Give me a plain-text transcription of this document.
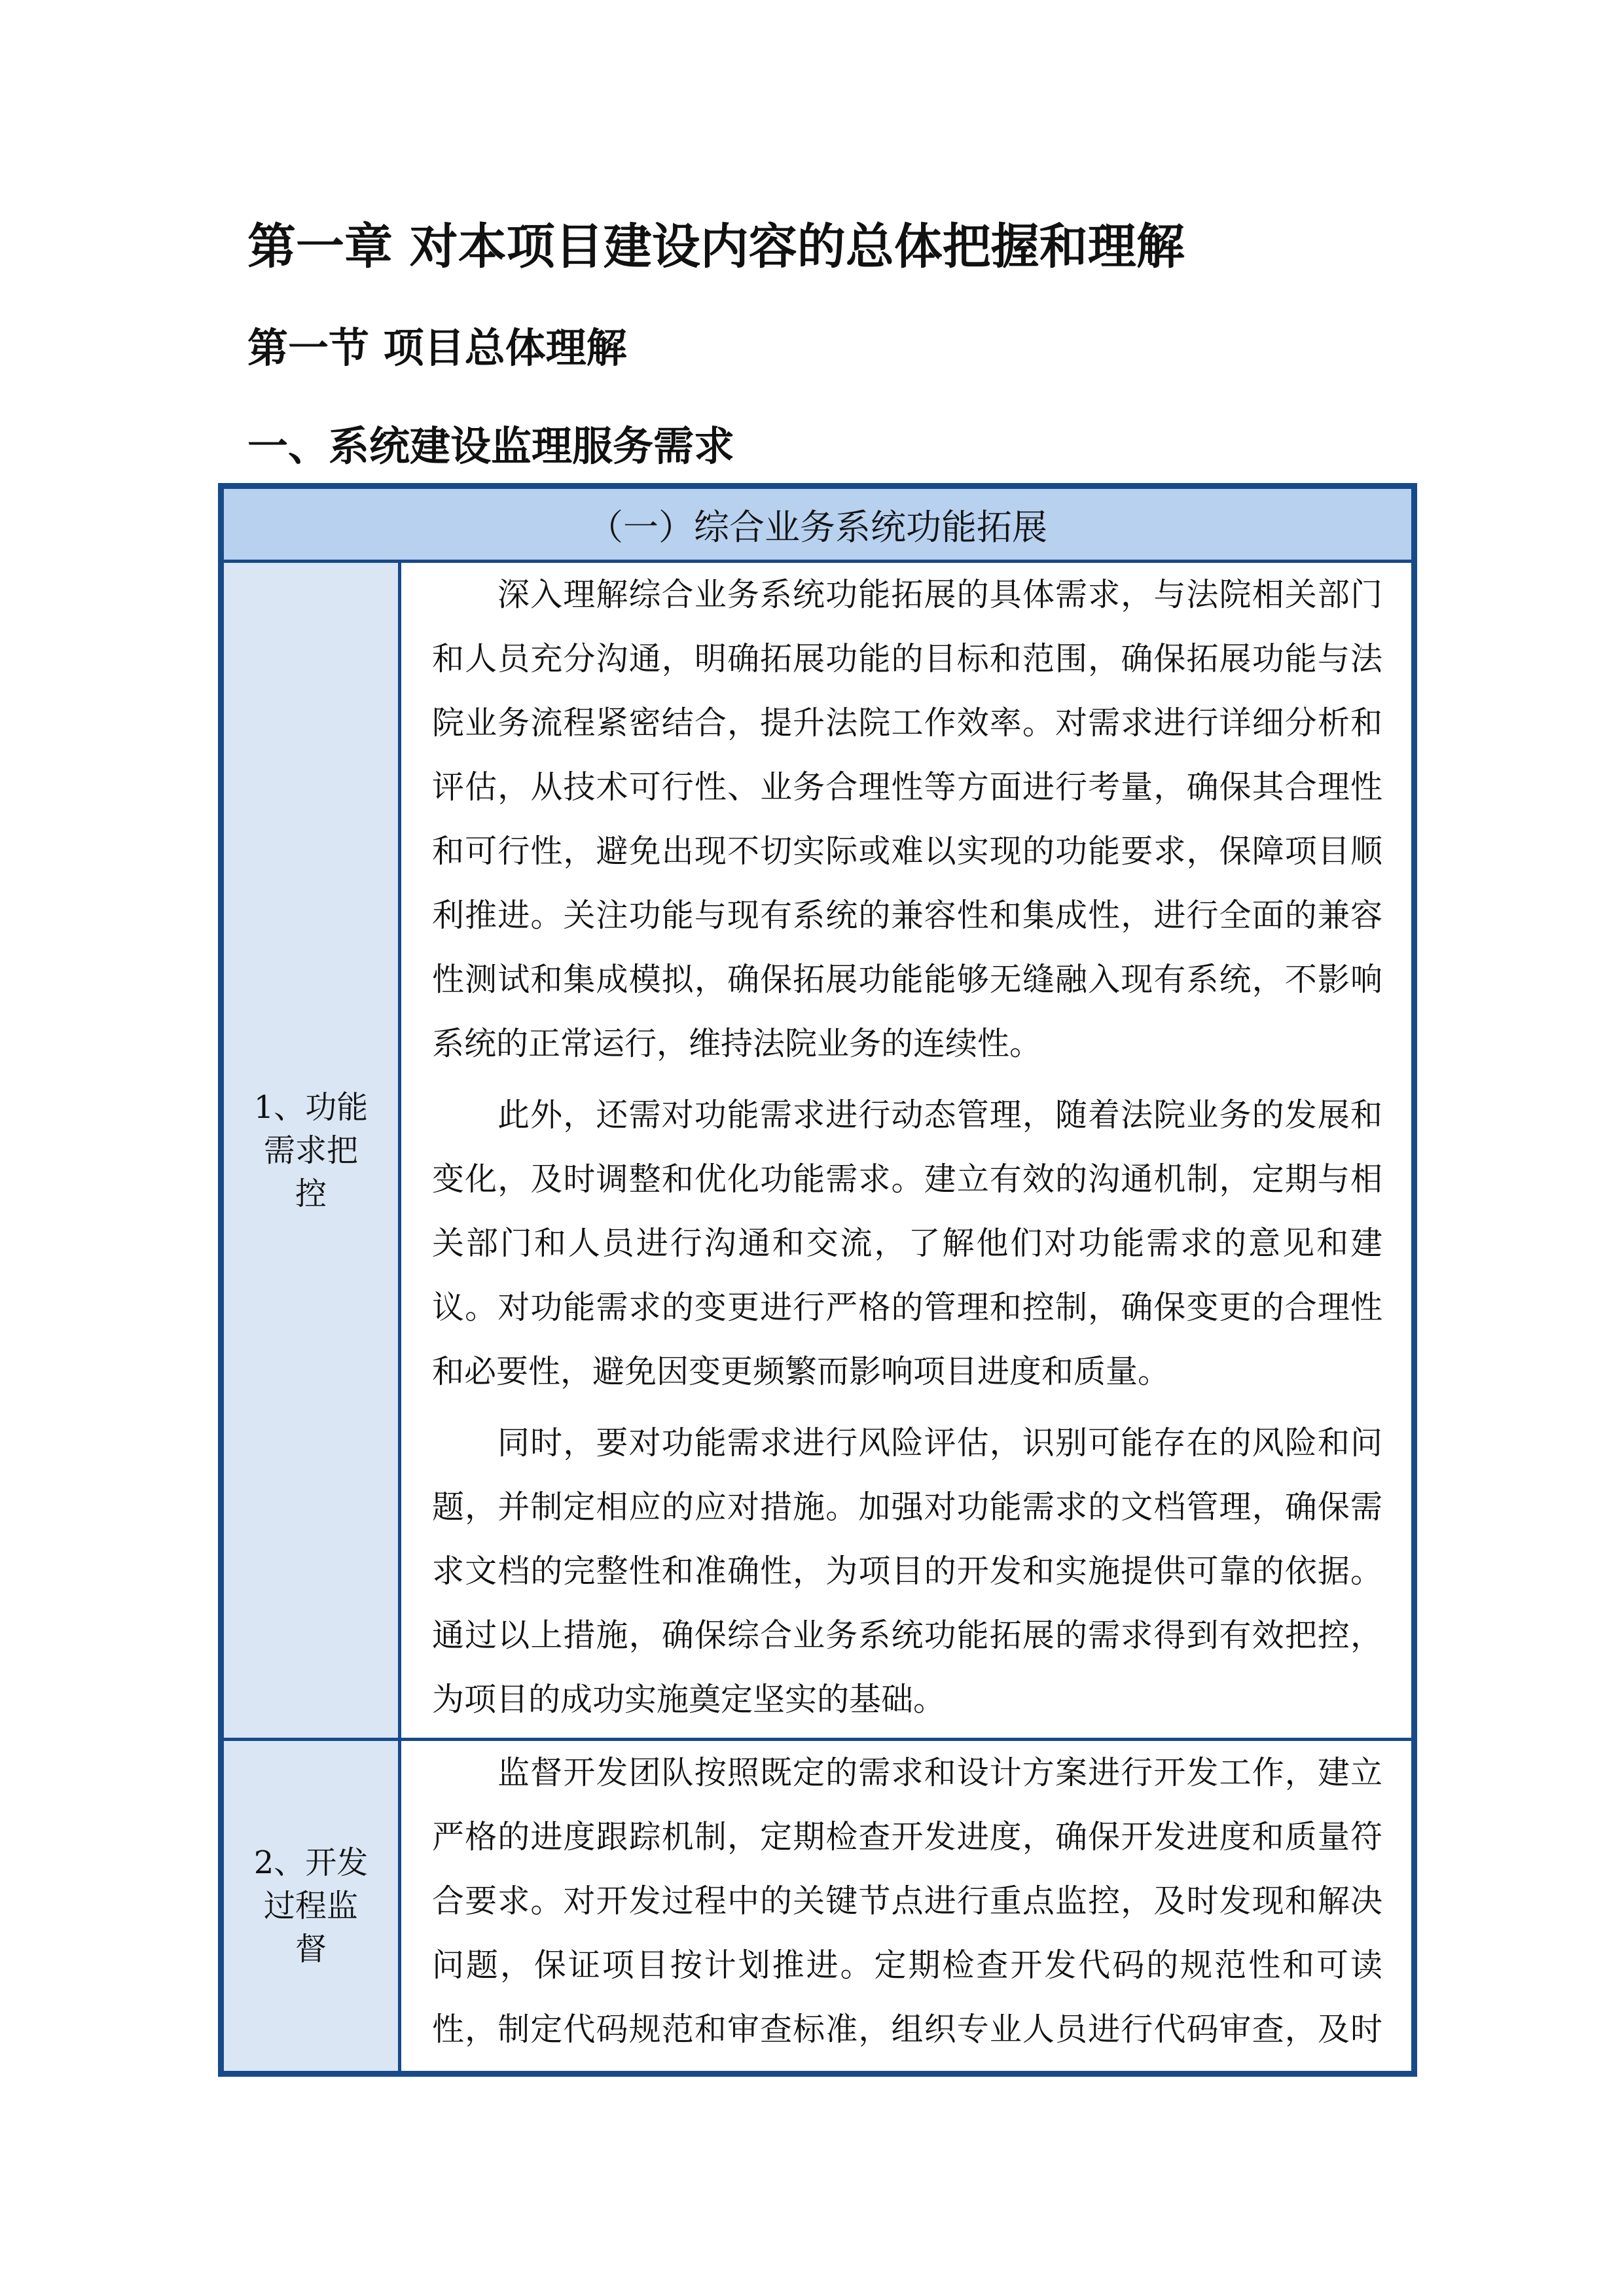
第一章 对本项目建设内容的总体把握和理解
第一节 项目总体理解
一、系统建设监理服务需求
（一）综合业务系统功能拓展
1、功能
需求把
控
深入理解综合业务系统功能拓展的具体需求，与法院相关部门
和人员充分沟通，明确拓展功能的目标和范围，确保拓展功能与法
院业务流程紧密结合，提升法院工作效率。对需求进行详细分析和
评估，从技术可行性、业务合理性等方面进行考量，确保其合理性
和可行性，避免出现不切实际或难以实现的功能要求，保障项目顺
利推进。关注功能与现有系统的兼容性和集成性，进行全面的兼容
性测试和集成模拟，确保拓展功能能够无缝融入现有系统，不影响
系统的正常运行，维持法院业务的连续性。
此外，还需对功能需求进行动态管理，随着法院业务的发展和
变化，及时调整和优化功能需求。建立有效的沟通机制，定期与相
关部门和人员进行沟通和交流，了解他们对功能需求的意见和建
议。对功能需求的变更进行严格的管理和控制，确保变更的合理性
和必要性，避免因变更频繁而影响项目进度和质量。
同时，要对功能需求进行风险评估，识别可能存在的风险和问
题，并制定相应的应对措施。加强对功能需求的文档管理，确保需
求文档的完整性和准确性，为项目的开发和实施提供可靠的依据。
通过以上措施，确保综合业务系统功能拓展的需求得到有效把控，
为项目的成功实施奠定坚实的基础。
2、开发
过程监
督
监督开发团队按照既定的需求和设计方案进行开发工作，建立
严格的进度跟踪机制，定期检查开发进度，确保开发进度和质量符
合要求。对开发过程中的关键节点进行重点监控，及时发现和解决
问题，保证项目按计划推进。定期检查开发代码的规范性和可读
性，制定代码规范和审查标准，组织专业人员进行代码审查，及时
